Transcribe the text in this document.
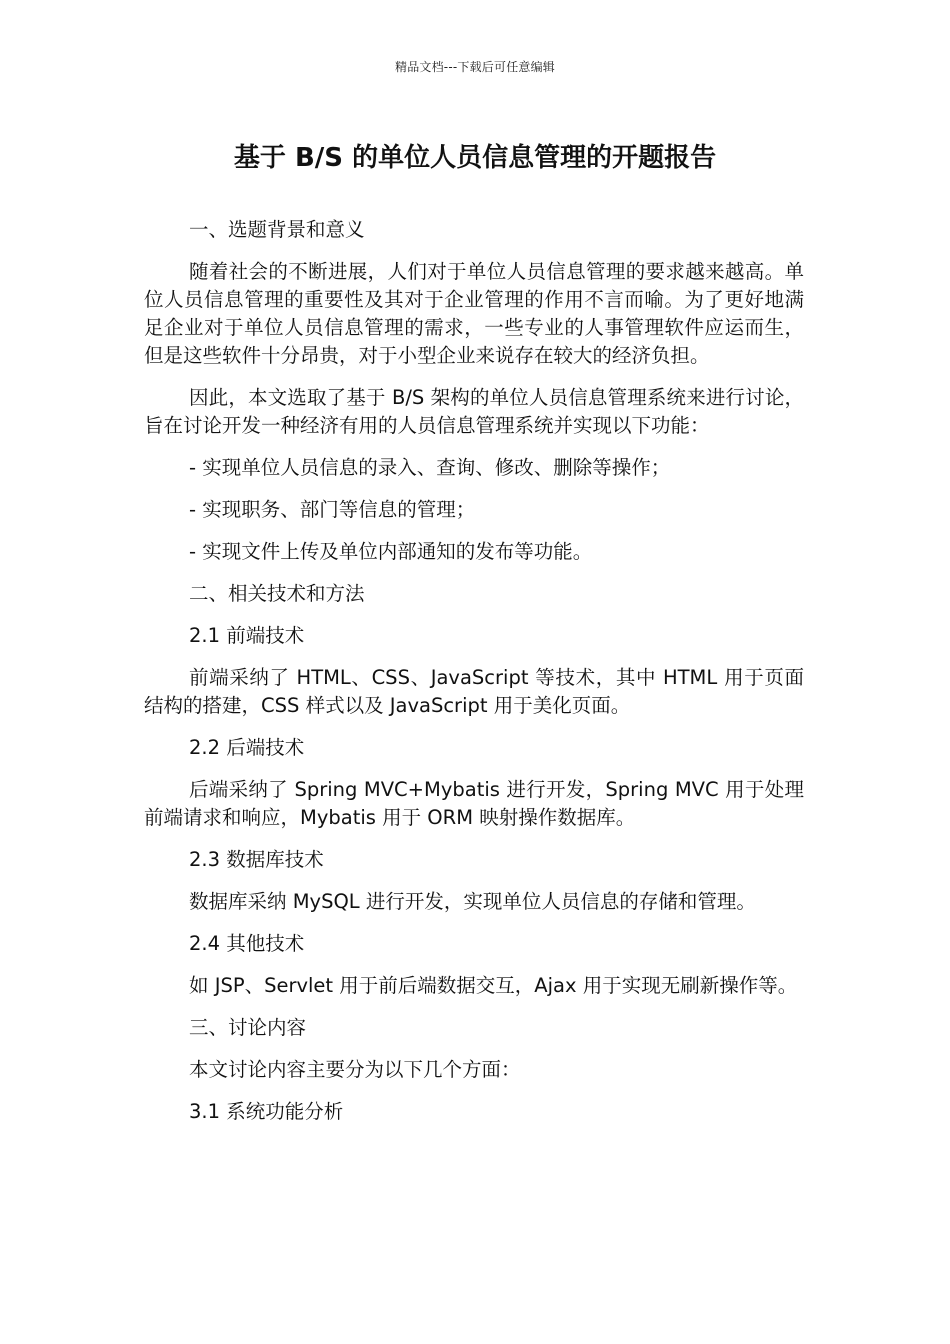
精品文档---下载后可任意编辑
基于 B/S 的单位人员信息管理的开题报告

一、选题背景和意义

随着社会的不断进展，人们对于单位人员信息管理的要求越来越高。单位人员信息管理的重要性及其对于企业管理的作用不言而喻。为了更好地满足企业对于单位人员信息管理的需求，一些专业的人事管理软件应运而生，但是这些软件十分昂贵，对于小型企业来说存在较大的经济负担。

因此，本文选取了基于 B/S 架构的单位人员信息管理系统来进行讨论，旨在讨论开发一种经济有用的人员信息管理系统并实现以下功能：

- 实现单位人员信息的录入、查询、修改、删除等操作；

- 实现职务、部门等信息的管理；

- 实现文件上传及单位内部通知的发布等功能。

二、相关技术和方法

2.1 前端技术

前端采纳了 HTML、CSS、JavaScript 等技术，其中 HTML 用于页面结构的搭建，CSS 样式以及 JavaScript 用于美化页面。

2.2 后端技术

后端采纳了 Spring MVC+Mybatis 进行开发，Spring MVC 用于处理前端请求和响应，Mybatis 用于 ORM 映射操作数据库。

2.3 数据库技术

数据库采纳 MySQL 进行开发，实现单位人员信息的存储和管理。

2.4 其他技术

如 JSP、Servlet 用于前后端数据交互，Ajax 用于实现无刷新操作等。

三、讨论内容

本文讨论内容主要分为以下几个方面：

3.1 系统功能分析
